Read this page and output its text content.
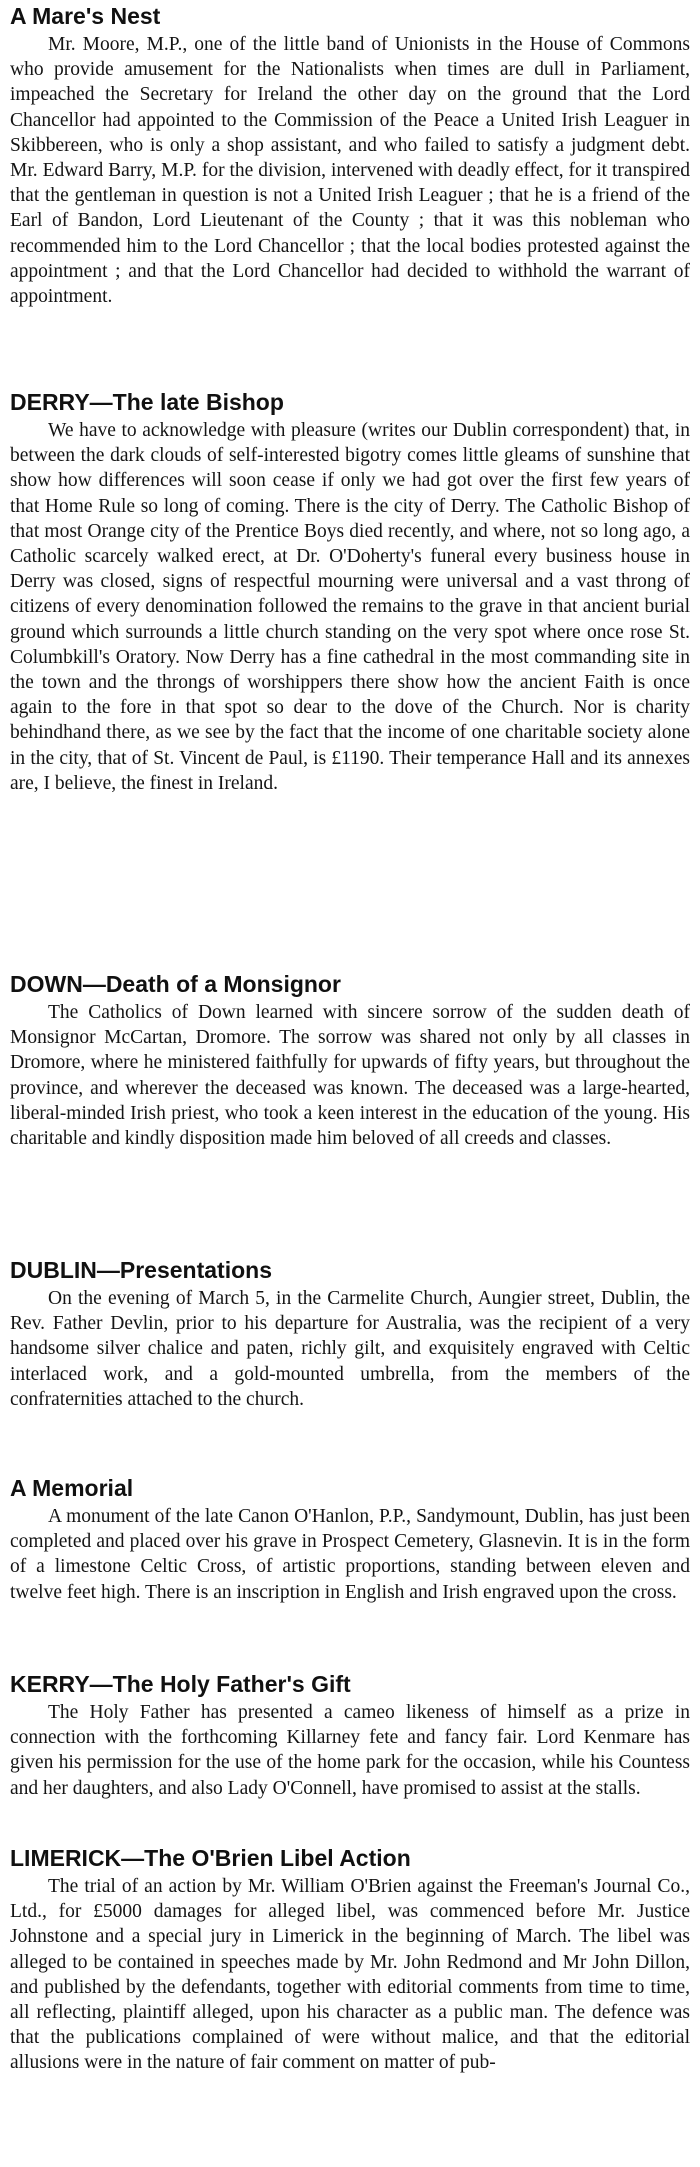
A Mare's Nest
Mr. Moore, M.P., one of the little band of Unionists in the House of Commons who provide amusement for the Nationalists when times are dull in Parliament, impeached the Secretary for Ireland the other day on the ground that the Lord Chancellor had appointed to the Commission of the Peace a United Irish Leaguer in Skibbereen, who is only a shop assistant, and who failed to satisfy a judgment debt. Mr. Edward Barry, M.P. for the division, intervened with deadly effect, for it transpired that the gentleman in question is not a United Irish Leaguer ; that he is a friend of the Earl of Bandon, Lord Lieutenant of the County ; that it was this nobleman who recommended him to the Lord Chancellor ; that the local bodies protested against the appointment ; and that the Lord Chancellor had decided to withhold the warrant of appointment.
DERRY—The late Bishop
We have to acknowledge with pleasure (writes our Dublin correspondent) that, in between the dark clouds of self-interested bigotry comes little gleams of sunshine that show how differences will soon cease if only we had got over the first few years of that Home Rule so long of coming. There is the city of Derry. The Catholic Bishop of that most Orange city of the Prentice Boys died recently, and where, not so long ago, a Catholic scarcely walked erect, at Dr. O'Doherty's funeral every business house in Derry was closed, signs of respectful mourning were universal and a vast throng of citizens of every denomination followed the remains to the grave in that ancient burial ground which surrounds a little church standing on the very spot where once rose St. Columbkill's Oratory. Now Derry has a fine cathedral in the most commanding site in the town and the throngs of worshippers there show how the ancient Faith is once again to the fore in that spot so dear to the dove of the Church. Nor is charity behindhand there, as we see by the fact that the income of one charitable society alone in the city, that of St. Vincent de Paul, is £1190. Their temperance Hall and its annexes are, I believe, the finest in Ireland.
DOWN—Death of a Monsignor
The Catholics of Down learned with sincere sorrow of the sudden death of Monsignor McCartan, Dromore. The sorrow was shared not only by all classes in Dromore, where he ministered faithfully for upwards of fifty years, but throughout the province, and wherever the deceased was known. The deceased was a large-hearted, liberal-minded Irish priest, who took a keen interest in the education of the young. His charitable and kindly disposition made him beloved of all creeds and classes.
DUBLIN—Presentations
On the evening of March 5, in the Carmelite Church, Aungier street, Dublin, the Rev. Father Devlin, prior to his departure for Australia, was the recipient of a very handsome silver chalice and paten, richly gilt, and exquisitely engraved with Celtic interlaced work, and a gold-mounted umbrella, from the members of the confraternities attached to the church.
A Memorial
A monument of the late Canon O'Hanlon, P.P., Sandymount, Dublin, has just been completed and placed over his grave in Prospect Cemetery, Glasnevin. It is in the form of a limestone Celtic Cross, of artistic proportions, standing between eleven and twelve feet high. There is an inscription in English and Irish engraved upon the cross.
KERRY—The Holy Father's Gift
The Holy Father has presented a cameo likeness of himself as a prize in connection with the forthcoming Killarney fete and fancy fair. Lord Kenmare has given his permission for the use of the home park for the occasion, while his Countess and her daughters, and also Lady O'Connell, have promised to assist at the stalls.
LIMERICK—The O'Brien Libel Action
The trial of an action by Mr. William O'Brien against the Freeman's Journal Co., Ltd., for £5000 damages for alleged libel, was commenced before Mr. Justice Johnstone and a special jury in Limerick in the beginning of March. The libel was alleged to be contained in speeches made by Mr. John Redmond and Mr John Dillon, and published by the defendants, together with editorial comments from time to time, all reflecting, plaintiff alleged, upon his character as a public man. The defence was that the publications complained of were without malice, and that the editorial allusions were in the nature of fair comment on matter of pub-
